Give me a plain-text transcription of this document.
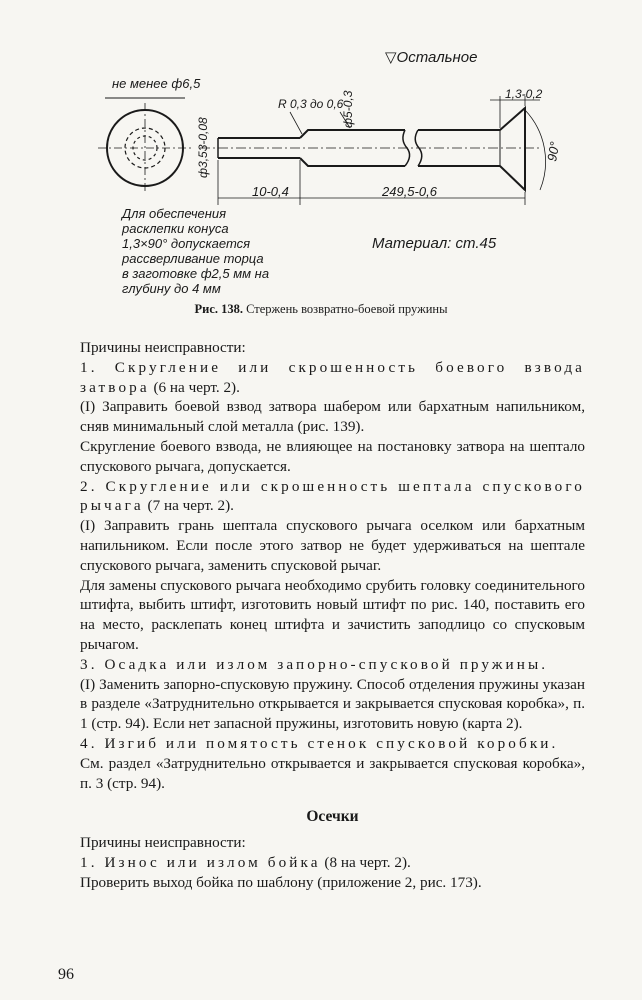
▽Остальное
не менее ф6,5
ф3,53-0,08
R 0,3 до 0,6
ф5-0,3	1,3-0,2
90°
10-0,4	249,5-0,6
Для обеспечения
расклепки конуса
1,3×90° допускается
рассверливание торца
в заготовке ф2,5 мм на
глубину до 4 мм
Материал: ст.45
Рис. 138. Стержень возвратно-боевой пружины

Причины неисправности:

1. Скругление или скрошенность боевого взвода затвора (6 на черт. 2).

(I) Заправить боевой взвод затвора шабером или бархатным напильником, сняв минимальный слой металла (рис. 139).

Скругление боевого взвода, не влияющее на постановку затвора на шептало спускового рычага, допускается.

2. Скругление или скрошенность шептала спускового рычага (7 на черт. 2).

(I) Заправить грань шептала спускового рычага оселком или бархатным напильником. Если после этого затвор не будет удерживаться на шептале спускового рычага, заменить спусковой рычаг.

Для замены спускового рычага необходимо срубить головку соединительного штифта, выбить штифт, изготовить новый штифт по рис. 140, поставить его на место, расклепать конец штифта и зачистить заподлицо со спусковым рычагом.

3. Осадка или излом запорно-спусковой пружины.

(I) Заменить запорно-спусковую пружину. Способ отделения пружины указан в разделе «Затруднительно открывается и закрывается спусковая коробка», п. 1 (стр. 94). Если нет запасной пружины, изготовить новую (карта 2).

4. Изгиб или помятость стенок спусковой коробки.

См. раздел «Затруднительно открывается и закрывается спусковая коробка», п. 3 (стр. 94).

Осечки

Причины неисправности:

1. Износ или излом бойка (8 на черт. 2).

Проверить выход бойка по шаблону (приложение 2, рис. 173).

96
